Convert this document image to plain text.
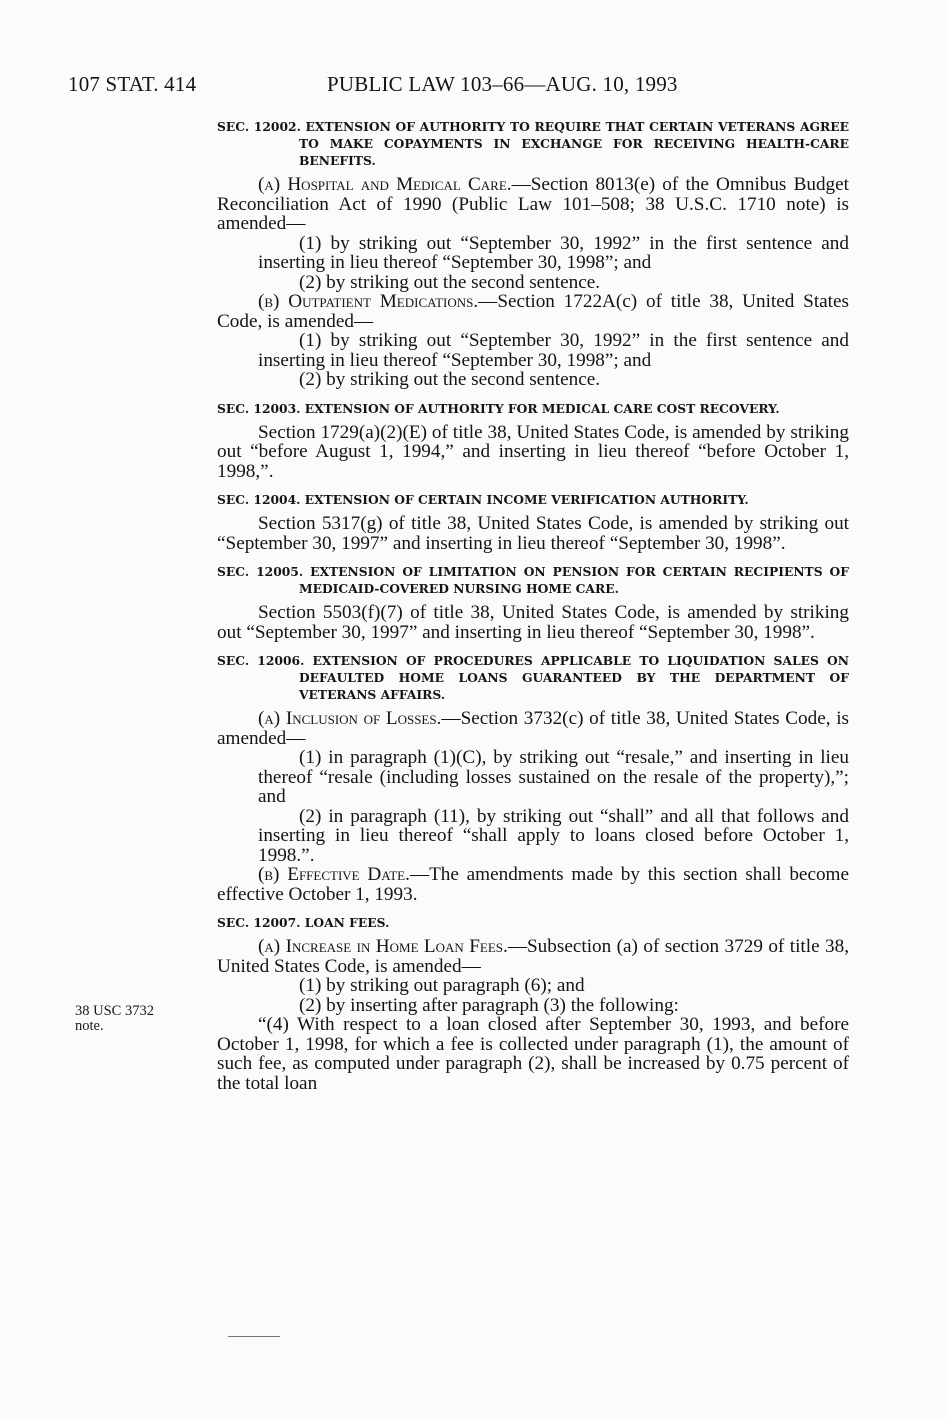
107 STAT. 414	PUBLIC LAW 103–66—AUG. 10, 1993
38 USC 3732
note.
SEC. 12002. EXTENSION OF AUTHORITY TO REQUIRE THAT CERTAIN VETERANS AGREE TO MAKE COPAYMENTS IN EXCHANGE FOR RECEIVING HEALTH-CARE BENEFITS.

(a) Hospital and Medical Care.—Section 8013(e) of the Omnibus Budget Reconciliation Act of 1990 (Public Law 101–508; 38 U.S.C. 1710 note) is amended—

(1) by striking out “September 30, 1992” in the first sentence and inserting in lieu thereof “September 30, 1998”; and

(2) by striking out the second sentence.

(b) Outpatient Medications.—Section 1722A(c) of title 38, United States Code, is amended—

(1) by striking out “September 30, 1992” in the first sentence and inserting in lieu thereof “September 30, 1998”; and

(2) by striking out the second sentence.

SEC. 12003. EXTENSION OF AUTHORITY FOR MEDICAL CARE COST RECOVERY.

Section 1729(a)(2)(E) of title 38, United States Code, is amended by striking out “before August 1, 1994,” and inserting in lieu thereof “before October 1, 1998,”.

SEC. 12004. EXTENSION OF CERTAIN INCOME VERIFICATION AUTHORITY.

Section 5317(g) of title 38, United States Code, is amended by striking out “September 30, 1997” and inserting in lieu thereof “September 30, 1998”.

SEC. 12005. EXTENSION OF LIMITATION ON PENSION FOR CERTAIN RECIPIENTS OF MEDICAID-COVERED NURSING HOME CARE.

Section 5503(f)(7) of title 38, United States Code, is amended by striking out “September 30, 1997” and inserting in lieu thereof “September 30, 1998”.

SEC. 12006. EXTENSION OF PROCEDURES APPLICABLE TO LIQUIDATION SALES ON DEFAULTED HOME LOANS GUARANTEED BY THE DEPARTMENT OF VETERANS AFFAIRS.

(a) Inclusion of Losses.—Section 3732(c) of title 38, United States Code, is amended—

(1) in paragraph (1)(C), by striking out “resale,” and inserting in lieu thereof “resale (including losses sustained on the resale of the property),”; and

(2) in paragraph (11), by striking out “shall” and all that follows and inserting in lieu thereof “shall apply to loans closed before October 1, 1998.”.

(b) Effective Date.—The amendments made by this section shall become effective October 1, 1993.

SEC. 12007. LOAN FEES.

(a) Increase in Home Loan Fees.—Subsection (a) of section 3729 of title 38, United States Code, is amended—

(1) by striking out paragraph (6); and

(2) by inserting after paragraph (3) the following:

“(4) With respect to a loan closed after September 30, 1993, and before October 1, 1998, for which a fee is collected under paragraph (1), the amount of such fee, as computed under paragraph (2), shall be increased by 0.75 percent of the total loan
